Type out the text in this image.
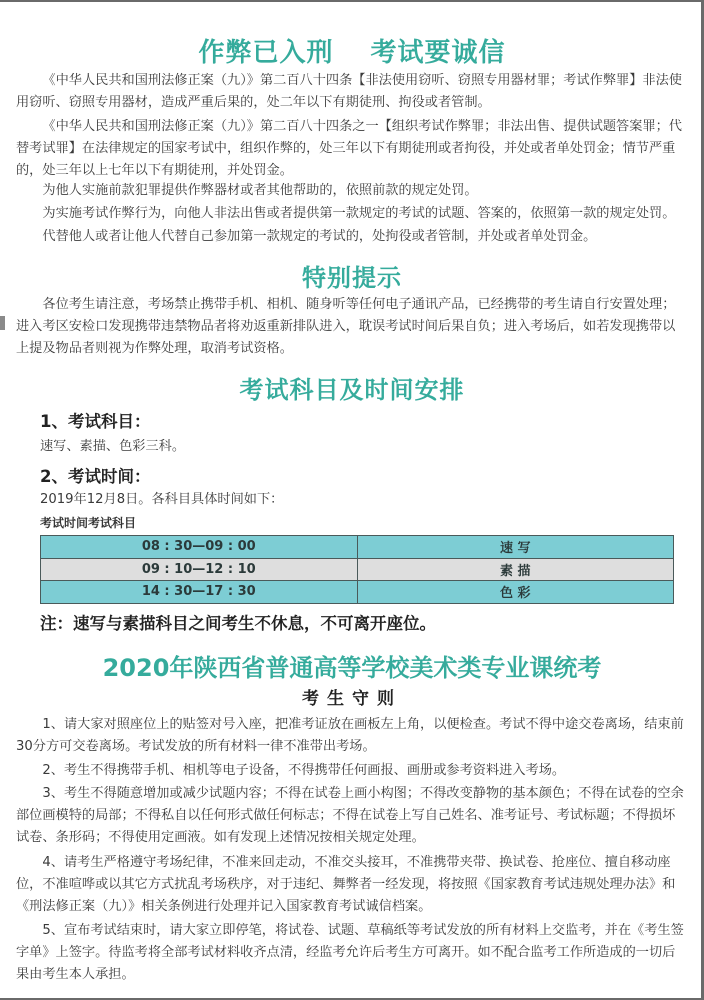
作弊已入刑　 考试要诚信

《中华人民共和国刑法修正案（九）》第二百八十四条【非法使用窃听、窃照专用器材罪；考试作弊罪】非法使用窃听、窃照专用器材，造成严重后果的，处二年以下有期徒刑、拘役或者管制。

《中华人民共和国刑法修正案（九）》第二百八十四条之一【组织考试作弊罪；非法出售、提供试题答案罪；代替考试罪】在法律规定的国家考试中，组织作弊的，处三年以下有期徒刑或者拘役，并处或者单处罚金；情节严重的，处三年以上七年以下有期徒刑，并处罚金。

为他人实施前款犯罪提供作弊器材或者其他帮助的，依照前款的规定处罚。

为实施考试作弊行为，向他人非法出售或者提供第一款规定的考试的试题、答案的，依照第一款的规定处罚。

代替他人或者让他人代替自己参加第一款规定的考试的，处拘役或者管制，并处或者单处罚金。

特别提示

各位考生请注意，考场禁止携带手机、相机、随身听等任何电子通讯产品，已经携带的考生请自行安置处理；进入考区安检口发现携带违禁物品者将劝返重新排队进入，耽误考试时间后果自负；进入考场后，如若发现携带以上提及物品者则视为作弊处理，取消考试资格。

考试科目及时间安排
1、考试科目：
速写、素描、色彩三科。
2、考试时间：
2019年12月8日。各科目具体时间如下：
考试时间考试科目
08 : 30—09 : 00	速 写
09 : 10—12 : 10	素 描
14 : 30—17 : 30	色 彩
注：速写与素描科目之间考生不休息，不可离开座位。
2020年陕西省普通高等学校美术类专业课统考
考生守则

1、请大家对照座位上的贴签对号入座，把准考证放在画板左上角，以便检查。考试不得中途交卷离场，结束前30分方可交卷离场。考试发放的所有材料一律不准带出考场。

2、考生不得携带手机、相机等电子设备，不得携带任何画报、画册或参考资料进入考场。

3、考生不得随意增加或减少试题内容；不得在试卷上画小构图；不得改变静物的基本颜色；不得在试卷的空余部位画模特的局部；不得私自以任何形式做任何标志；不得在试卷上写自己姓名、准考证号、考试标题；不得损坏试卷、条形码；不得使用定画液。如有发现上述情况按相关规定处理。

4、请考生严格遵守考场纪律，不准来回走动，不准交头接耳，不准携带夹带、换试卷、抢座位、擅自移动座位，不准喧哗或以其它方式扰乱考场秩序，对于违纪、舞弊者一经发现，将按照《国家教育考试违规处理办法》和《刑法修正案（九）》相关条例进行处理并记入国家教育考试诚信档案。

5、宣布考试结束时，请大家立即停笔，将试卷、试题、草稿纸等考试发放的所有材料上交监考，并在《考生签字单》上签字。待监考将全部考试材料收齐点清，经监考允许后考生方可离开。如不配合监考工作所造成的一切后果由考生本人承担。
